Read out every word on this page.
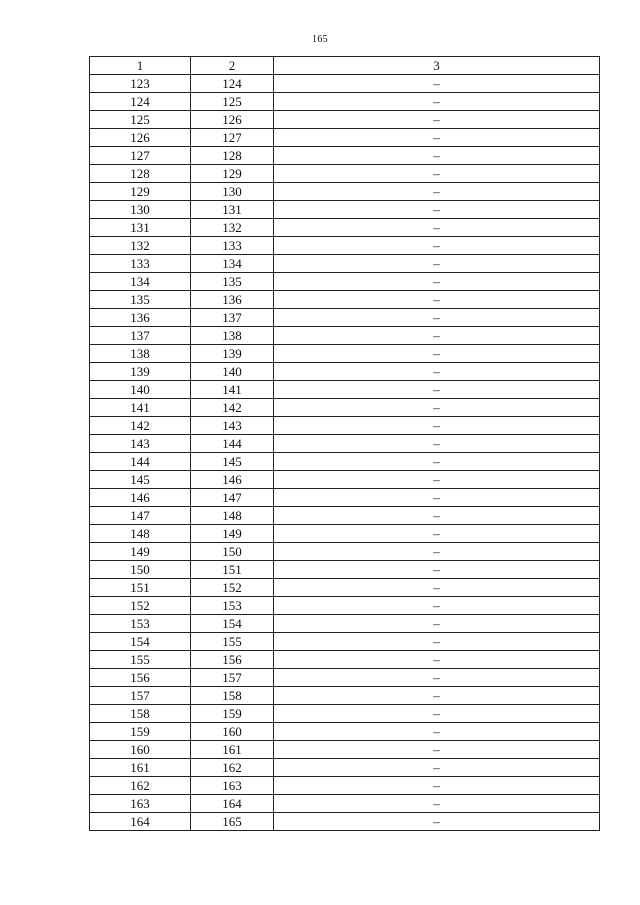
165
1	2	3
123	124	–
124	125	–
125	126	–
126	127	–
127	128	–
128	129	–
129	130	–
130	131	–
131	132	–
132	133	–
133	134	–
134	135	–
135	136	–
136	137	–
137	138	–
138	139	–
139	140	–
140	141	–
141	142	–
142	143	–
143	144	–
144	145	–
145	146	–
146	147	–
147	148	–
148	149	–
149	150	–
150	151	–
151	152	–
152	153	–
153	154	–
154	155	–
155	156	–
156	157	–
157	158	–
158	159	–
159	160	–
160	161	–
161	162	–
162	163	–
163	164	–
164	165	–
